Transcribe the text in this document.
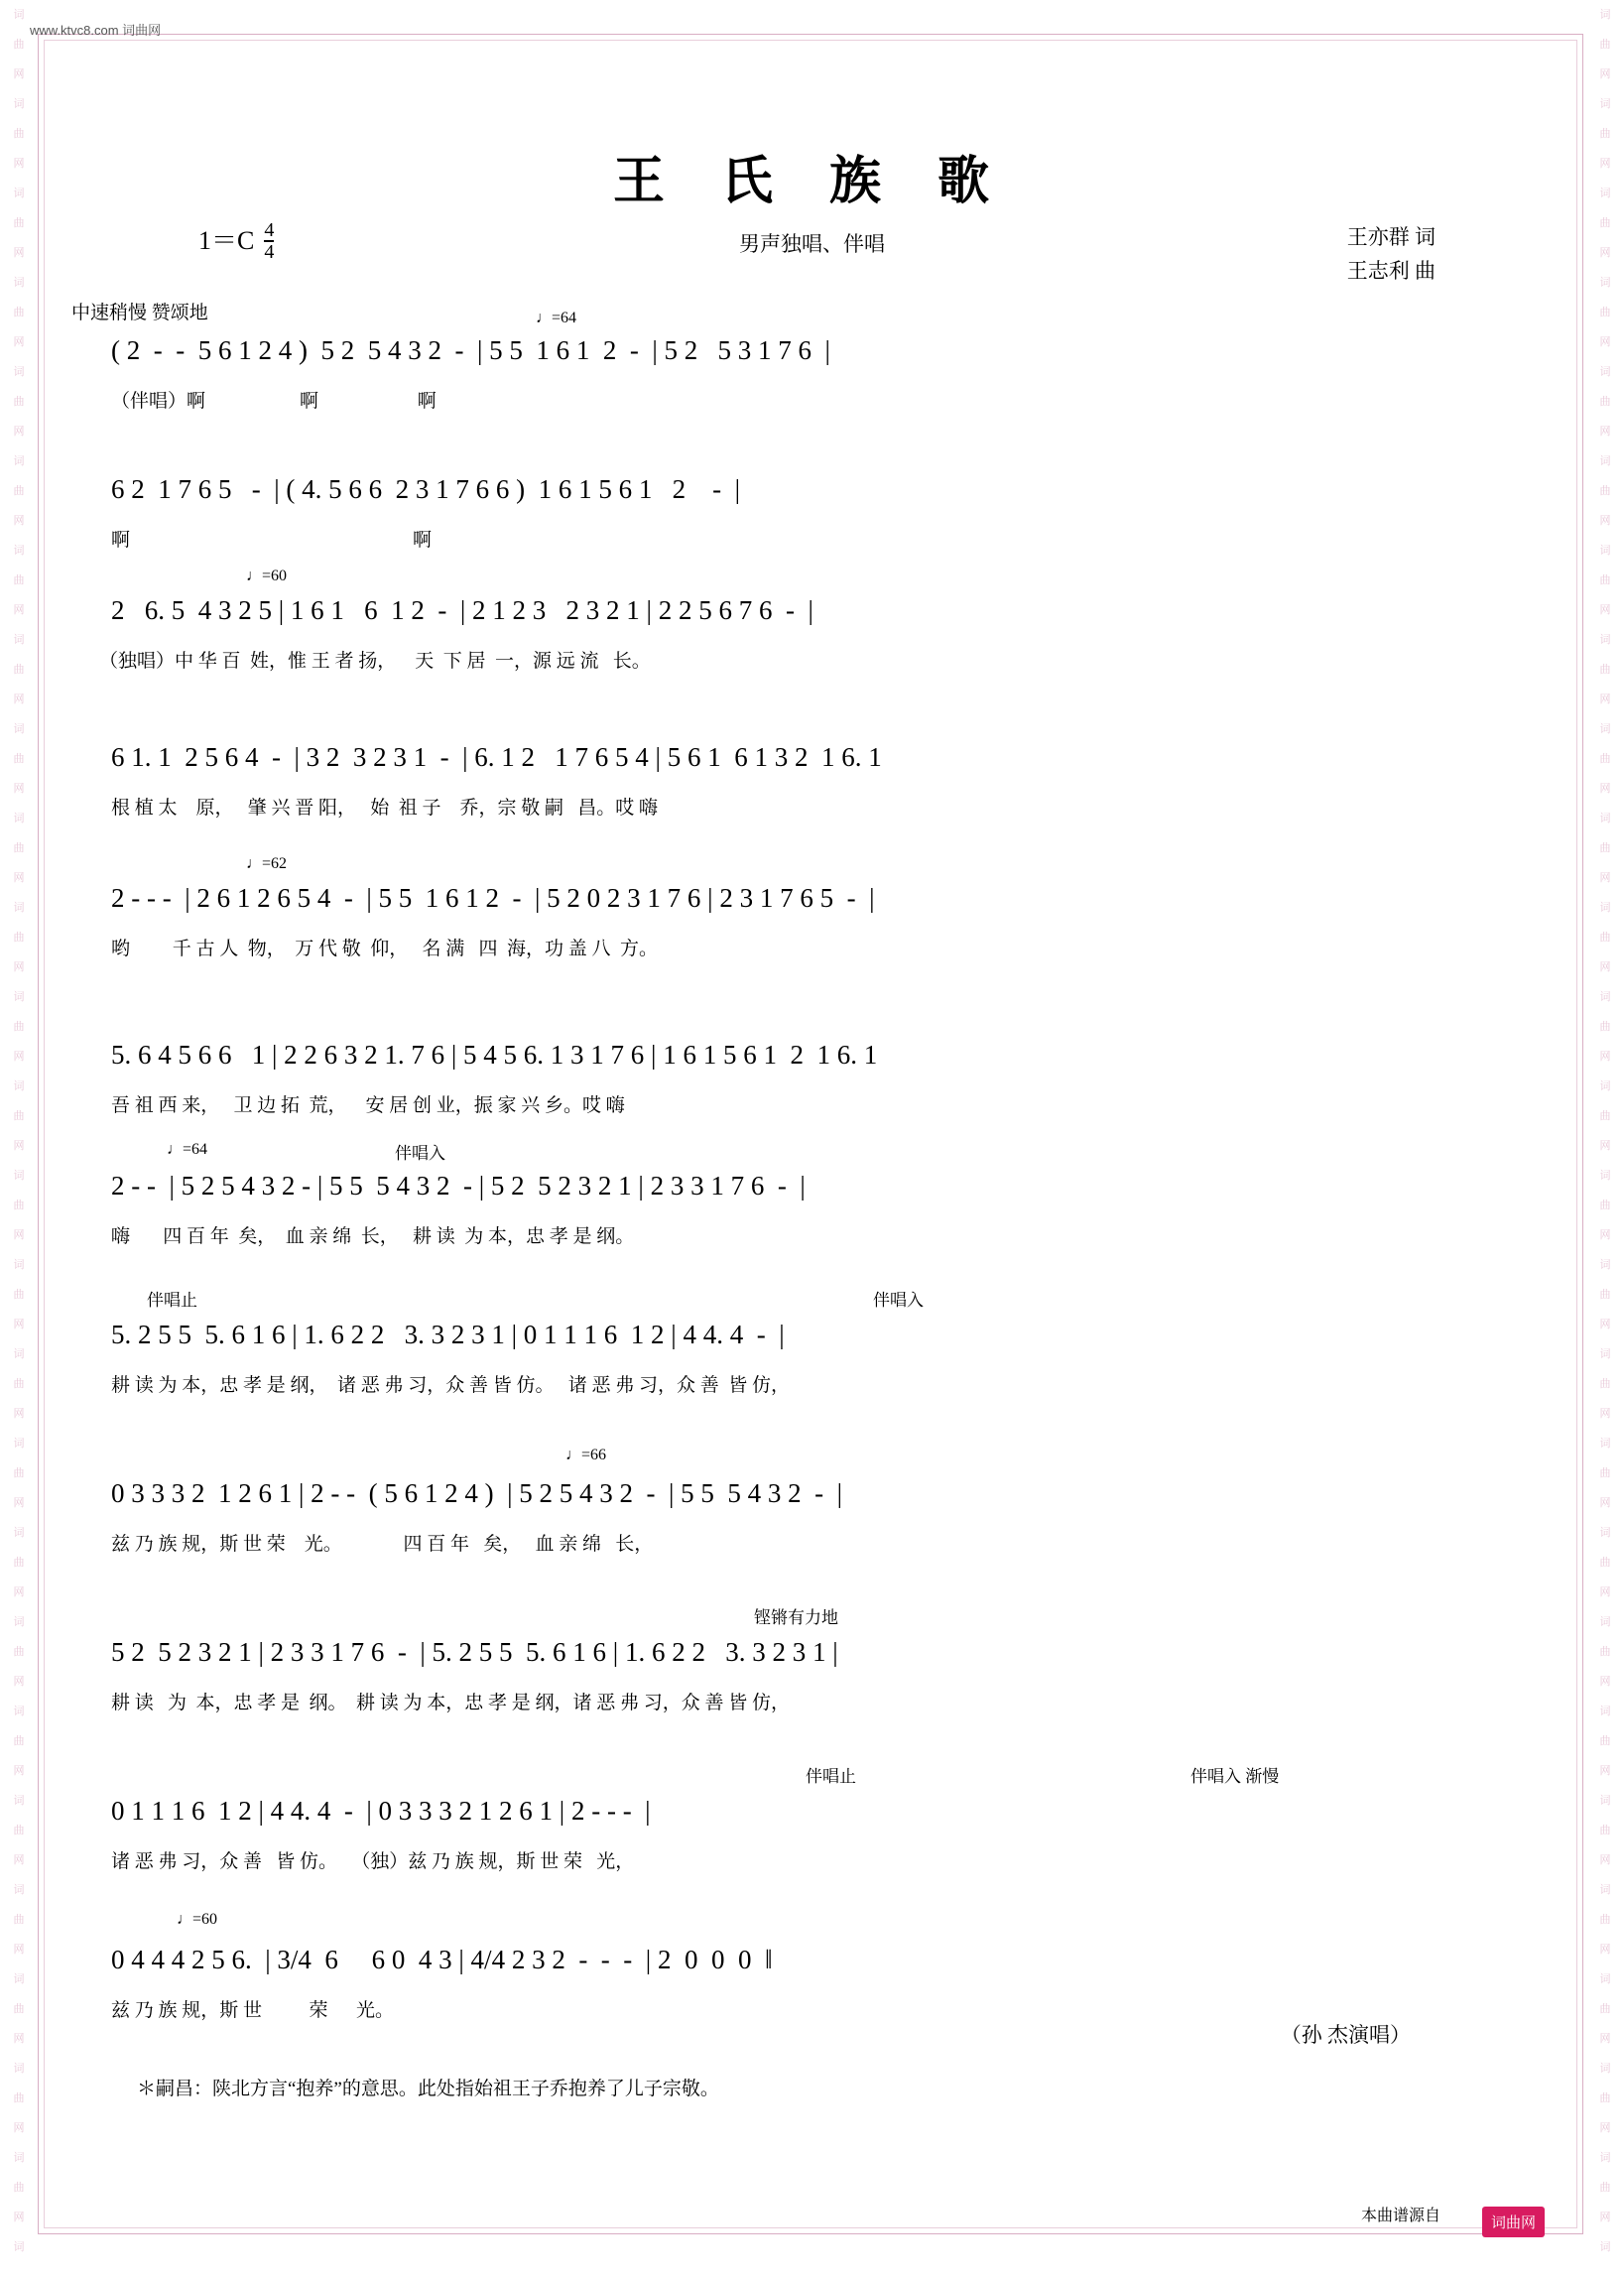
词
曲
网
词
曲
网
词
曲
网
词
曲
网
词
曲
网
词
曲
网
词
曲
网
词
曲
网
词
曲
网
词
曲
网
词
曲
网
词
曲
网
词
曲
网
词
曲
网
词
曲
网
词
曲
网
词
曲
网
词
曲
网
词
曲
网
词
曲
网
词
曲
网
词
曲
网
词
曲
网
词
曲
网
词
曲
网
词
词
曲
网
词
曲
网
词
曲
网
词
曲
网
词
曲
网
词
曲
网
词
曲
网
词
曲
网
词
曲
网
词
曲
网
词
曲
网
词
曲
网
词
曲
网
词
曲
网
词
曲
网
词
曲
网
词
曲
网
词
曲
网
词
曲
网
词
曲
网
词
曲
网
词
曲
网
词
曲
网
词
曲
网
词
曲
网
词
www.ktvc8.com 词曲网
王 氏 族 歌
男声独唱、伴唱
$1=C \frac{4}{4}$	王亦群 词
王志利 曲
中速稍慢 赞颂地	♩=64
( 2  -  -  5 6 1 2 4 )  5 2  5 4 3 2  -  | 5 5  1 6 1  2  -  | 5 2   5 3 1 7 6  |
（伴唱）啊                    啊                     啊
6 2  1 7 6 5   -  | ( 4. 5 6 6  2 3 1 7 6 6 )  1 6 1 5 6 1   2    -  |
啊                                                            啊
♩=60
2   6. 5  4 3 2 5 | 1 6 1   6  1 2  -  | 2 1 2 3   2 3 2 1 | 2 2 5 6 7 6  -  |
（独唱）中 华 百  姓，惟 王 者 扬，    天  下 居  一，源 远 流   长。
6 1. 1  2 5 6 4  -  | 3 2  3 2 3 1  -  | 6. 1 2   1 7 6 5 4 | 5 6 1  6 1 3 2  1 6. 1
根 植 太    原，   肇 兴 晋 阳，   始  祖 子    乔，宗 敬 嗣   昌。哎 嗨
♩=62
2 - - -  | 2 6 1 2 6 5 4  -  | 5 5  1 6 1 2  -  | 5 2 0 2 3 1 7 6 | 2 3 1 7 6 5  -  |
哟         千 古 人  物，  万 代 敬  仰，   名 满   四  海，功 盖 八  方。
5. 6 4 5 6 6   1 | 2 2 6 3 2 1. 7 6 | 5 4 5 6. 1 3 1 7 6 | 1 6 1 5 6 1  2  1 6. 1
吾 祖 西 来，   卫 边 拓  荒，    安 居 创 业，振 家 兴 乡。哎 嗨
♩=64	伴唱入
2 - -  | 5 2 5 4 3 2 - | 5 5  5 4 3 2  - | 5 2  5 2 3 2 1 | 2 3 3 1 7 6  -  |
嗨       四 百 年  矣，  血 亲 绵  长，   耕 读  为 本，忠 孝 是 纲。
伴唱止	伴唱入
5. 2 5 5  5. 6 1 6 | 1. 6 2 2   3. 3 2 3 1 | 0 1 1 1 6  1 2 | 4 4. 4  -  |
耕 读 为 本，忠 孝 是 纲，  诸 恶 弗 习，众 善 皆 仿。   诸 恶 弗 习，众 善  皆 仿，
♩=66
0 3 3 3 2  1 2 6 1 | 2 - -  ( 5 6 1 2 4 )  | 5 2 5 4 3 2  -  | 5 5  5 4 3 2  -  |
兹 乃 族 规，斯 世 荣    光。             四 百 年   矣，   血 亲 绵   长，
铿锵有力地
5 2  5 2 3 2 1 | 2 3 3 1 7 6  -  | 5. 2 5 5  5. 6 1 6 | 1. 6 2 2   3. 3 2 3 1 |
耕 读   为  本，忠 孝 是  纲。  耕 读 为 本，忠 孝 是 纲，诸 恶 弗 习，众 善 皆 仿，
伴唱止	伴唱入 渐慢
0 1 1 1 6  1 2 | 4 4. 4  -  | 0 3 3 3 2 1 2 6 1 | 2 - - -  |
诸 恶 弗 习，众 善   皆 仿。   （独）兹 乃 族 规，斯 世 荣   光，
♩=60
0 4 4 4 2 5 6.  | 3/4  6     6 0  4 3 | 4/4 2 3 2  -  -  -  | 2  0  0  0  ‖
兹 乃 族 规，斯 世          荣      光。
（孙 杰演唱）
＊嗣昌：陕北方言“抱养”的意思。此处指始祖王子乔抱养了儿子宗敬。
本曲谱源自	词曲网
